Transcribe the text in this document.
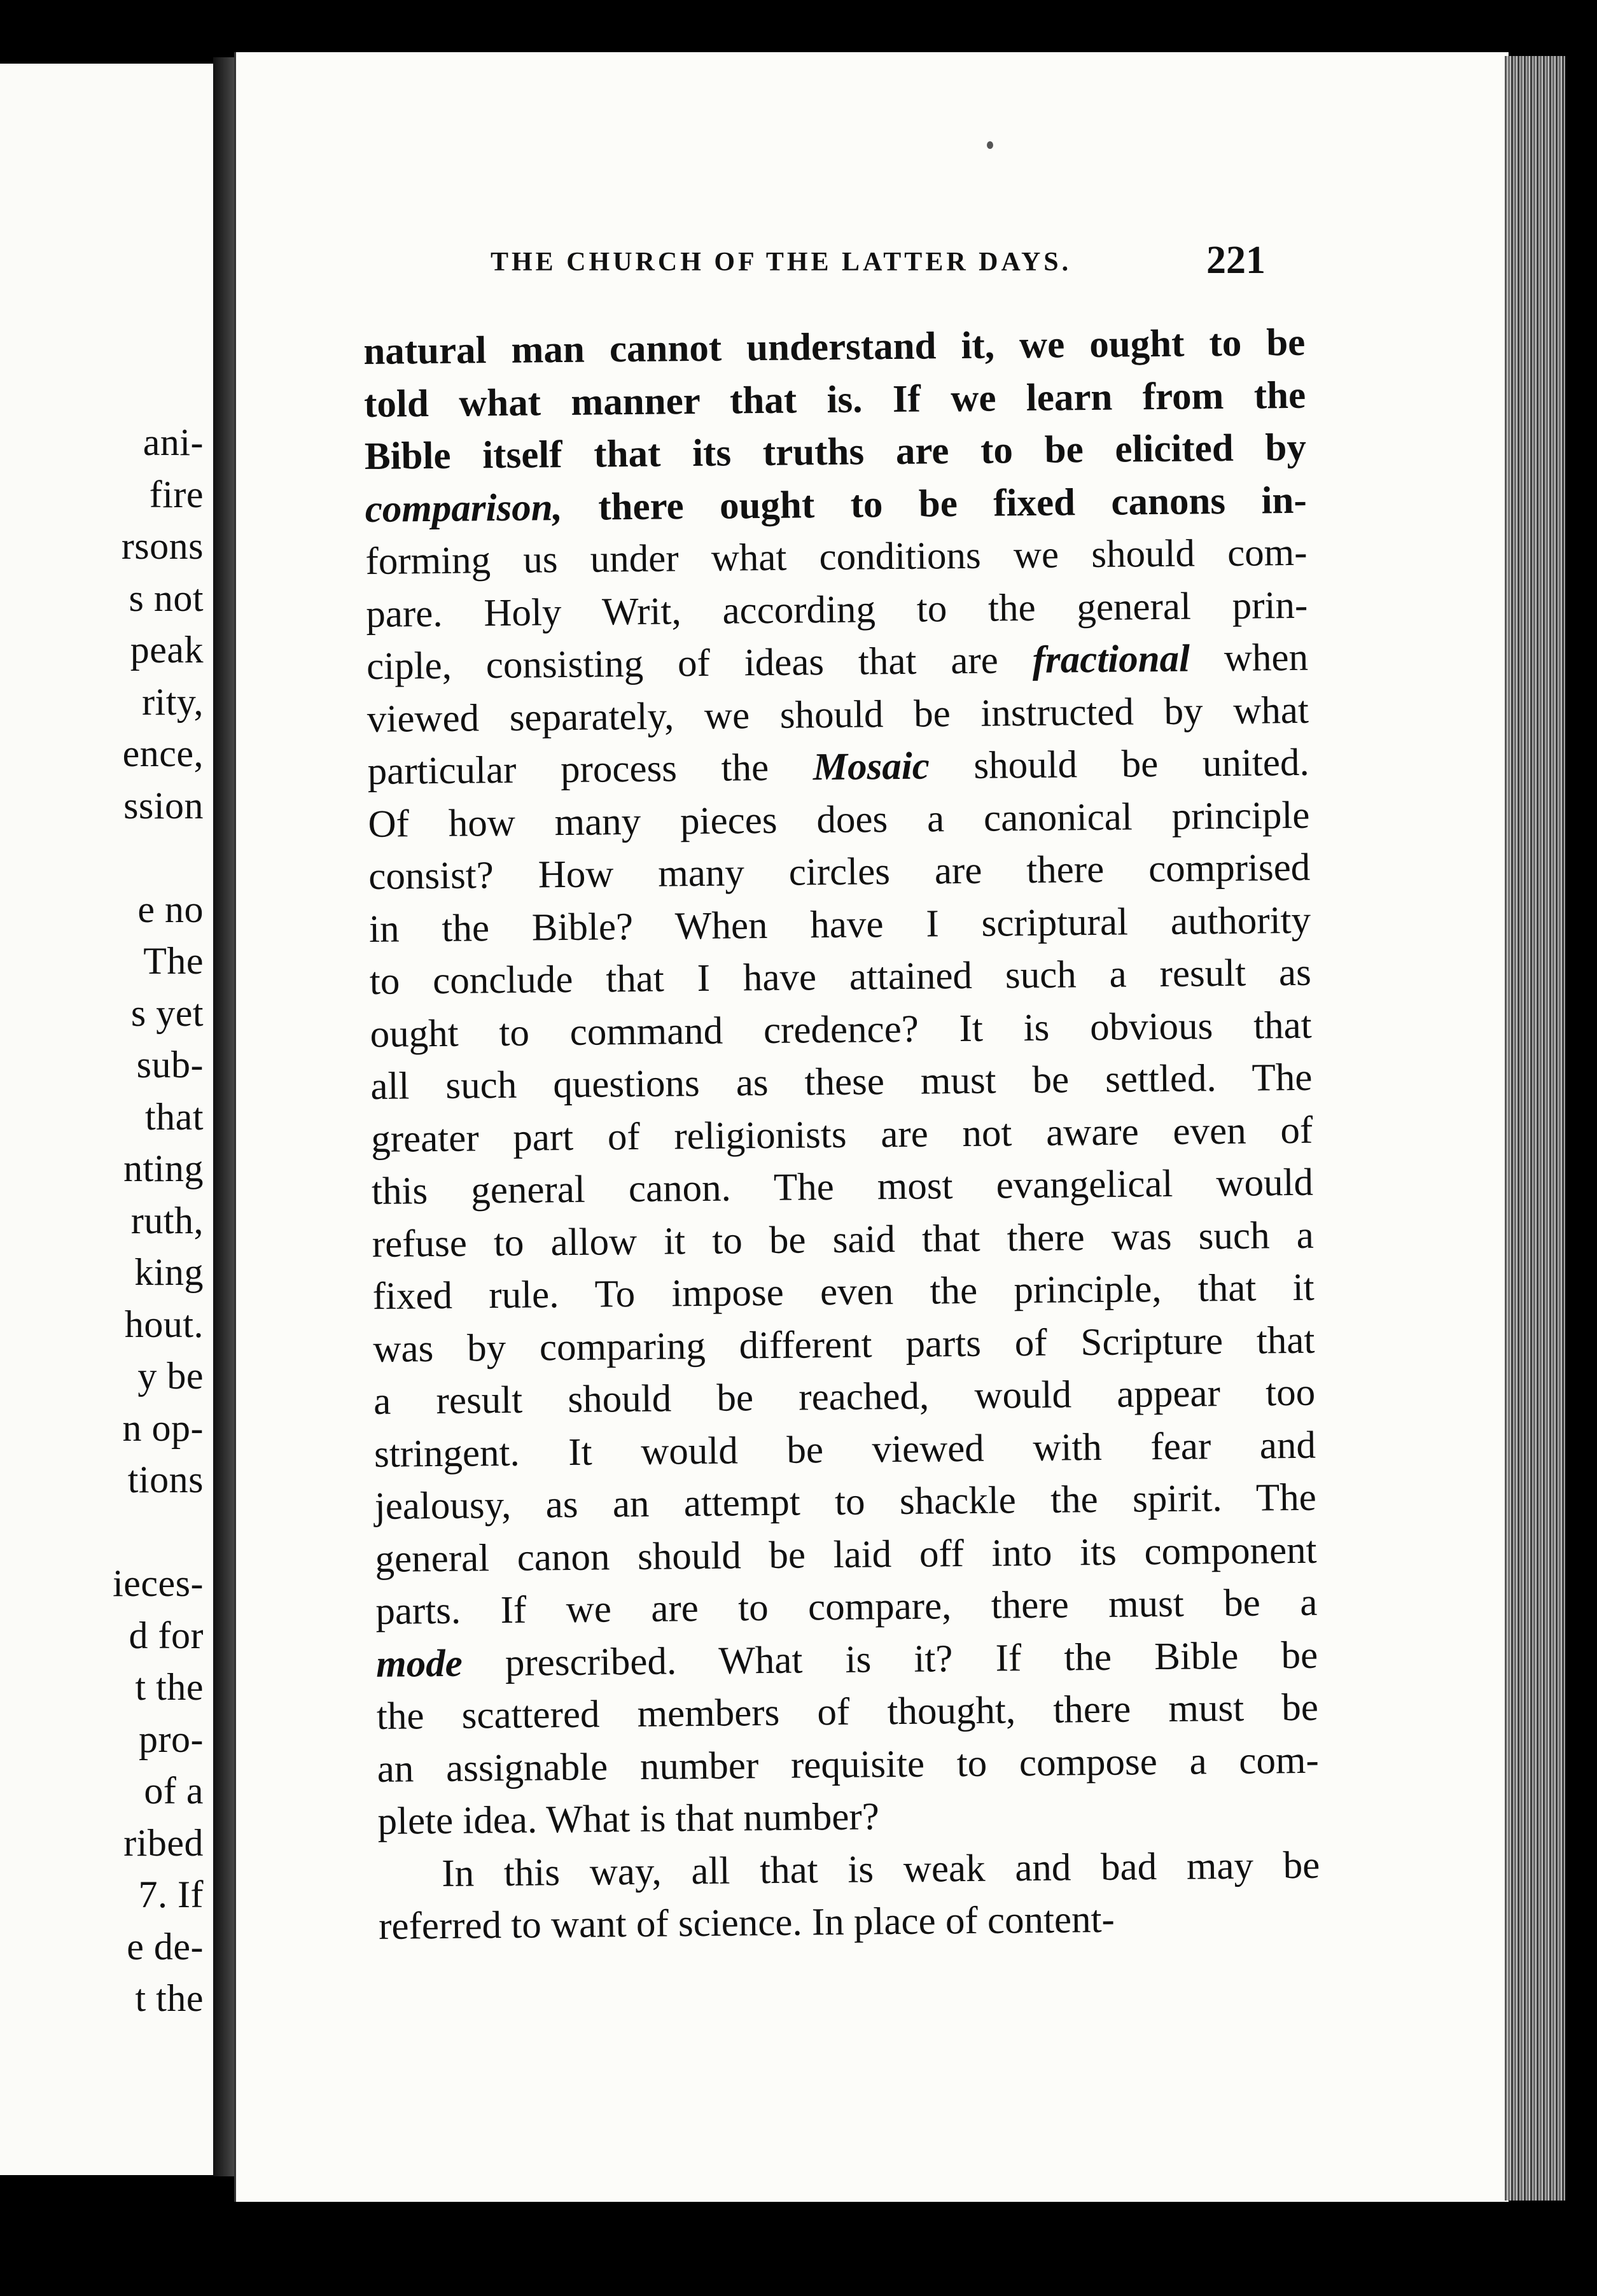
ani-
fire
rsons
s not
peak
rity,
ence,
ssion
e no
The
s yet
sub-
that
nting
ruth,
king
hout.
y be
n op-
tions
ieces-
d for
t the
pro-
of a
ribed
7. If
e de-
t the
THE CHURCH OF THE LATTER DAYS.	221
natural man cannot understand it, we ought to be
told what manner that is. If we learn from the
Bible itself that its truths are to be elicited by
comparison, there ought to be fixed canons in-
forming us under what conditions we should com-
pare. Holy Writ, according to the general prin-
ciple, consisting of ideas that are fractional when
viewed separately, we should be instructed by what
particular process the Mosaic should be united.
Of how many pieces does a canonical principle
consist? How many circles are there comprised
in the Bible? When have I scriptural authority
to conclude that I have attained such a result as
ought to command credence? It is obvious that
all such questions as these must be settled. The
greater part of religionists are not aware even of
this general canon. The most evangelical would
refuse to allow it to be said that there was such a
fixed rule. To impose even the principle, that it
was by comparing different parts of Scripture that
a result should be reached, would appear too
stringent. It would be viewed with fear and
jealousy, as an attempt to shackle the spirit. The
general canon should be laid off into its component
parts. If we are to compare, there must be a
mode prescribed. What is it? If the Bible be
the scattered members of thought, there must be
an assignable number requisite to compose a com-
plete idea. What is that number?
In this way, all that is weak and bad may be
referred to want of science. In place of content-
